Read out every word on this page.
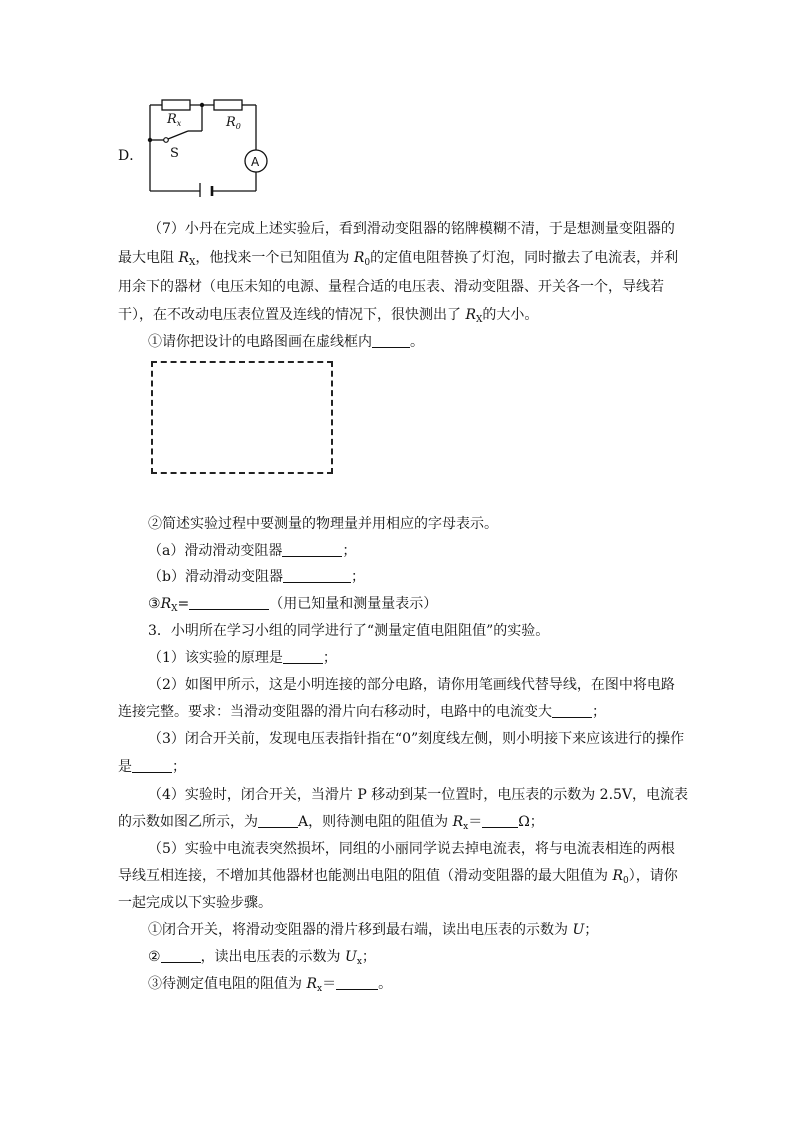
D．
$R_x$	$R_0$
S
A
（7）小丹在完成上述实验后，看到滑动变阻器的铭牌模糊不清，于是想测量变阻器的
最大电阻 $R_X$，他找来一个已知阻值为 $R_0$的定值电阻替换了灯泡，同时撤去了电流表，并利
用余下的器材（电压未知的电源、量程合适的电压表、滑动变阻器、开关各一个，导线若
干），在不改动电压表位置及连线的情况下，很快测出了 $R_X$的大小。
①请你把设计的电路图画在虚线框内	。
②简述实验过程中要测量的物理量并用相应的字母表示。
（a）滑动滑动变阻器	；
（b）滑动滑动变阻器	；
$③R_X=$	（用已知量和测量量表示）
3．小明所在学习小组的同学进行了“测量定值电阻阻值”的实验。
（1）该实验的原理是	；
（2）如图甲所示，这是小明连接的部分电路，请你用笔画线代替导线，在图中将电路
连接完整。要求：当滑动变阻器的滑片向右移动时，电路中的电流变大	；
（3）闭合开关前，发现电压表指针指在“0”刻度线左侧，则小明接下来应该进行的操作
是	；
（4）实验时，闭合开关，当滑片 P 移动到某一位置时，电压表的示数为 2.5V，电流表
的示数如图乙所示，为	A，则待测电阻的阻值为 $R_x=$	Ω；
（5）实验中电流表突然损坏，同组的小丽同学说去掉电流表，将与电流表相连的两根
导线互相连接，不增加其他器材也能测出电阻的阻值（滑动变阻器的最大阻值为 $R_0$），请你
一起完成以下实验步骤。
①闭合开关，将滑动变阻器的滑片移到最右端，读出电压表的示数为 U；
②	，读出电压表的示数为 $U_x$；
③待测定值电阻的阻值为 $R_x=$	。
